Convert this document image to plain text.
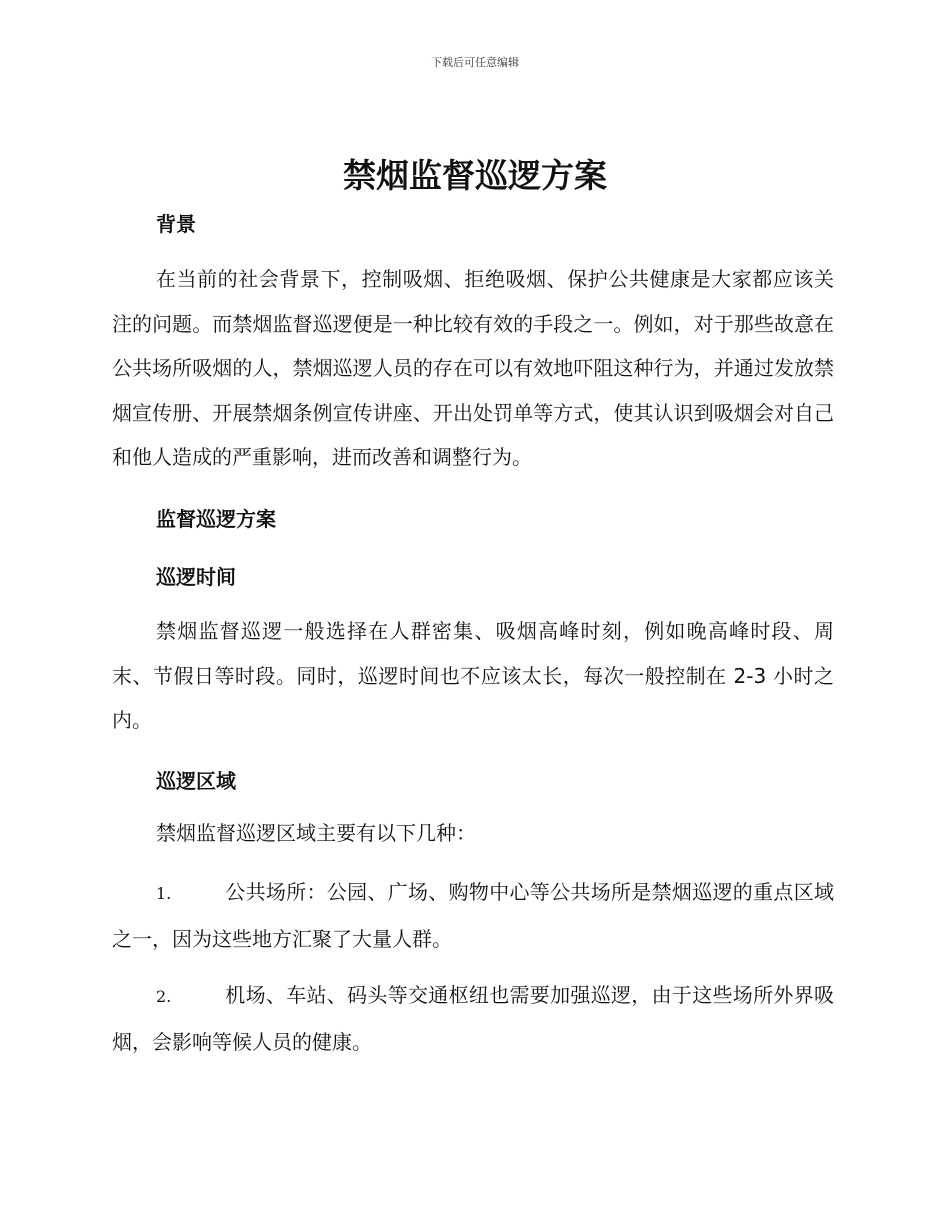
下载后可任意编辑
禁烟监督巡逻方案
背景
在当前的社会背景下，控制吸烟、拒绝吸烟、保护公共健康是大家都应该关注的问题。而禁烟监督巡逻便是一种比较有效的手段之一。例如，对于那些故意在公共场所吸烟的人，禁烟巡逻人员的存在可以有效地吓阻这种行为，并通过发放禁烟宣传册、开展禁烟条例宣传讲座、开出处罚单等方式，使其认识到吸烟会对自己和他人造成的严重影响，进而改善和调整行为。
监督巡逻方案
巡逻时间
禁烟监督巡逻一般选择在人群密集、吸烟高峰时刻，例如晚高峰时段、周末、节假日等时段。同时，巡逻时间也不应该太长，每次一般控制在 2-3 小时之内。
巡逻区域
禁烟监督巡逻区域主要有以下几种：
1.	公共场所：公园、广场、购物中心等公共场所是禁烟巡逻的重点区域之一，因为这些地方汇聚了大量人群。
2.	机场、车站、码头等交通枢纽也需要加强巡逻，由于这些场所外界吸烟，会影响等候人员的健康。
